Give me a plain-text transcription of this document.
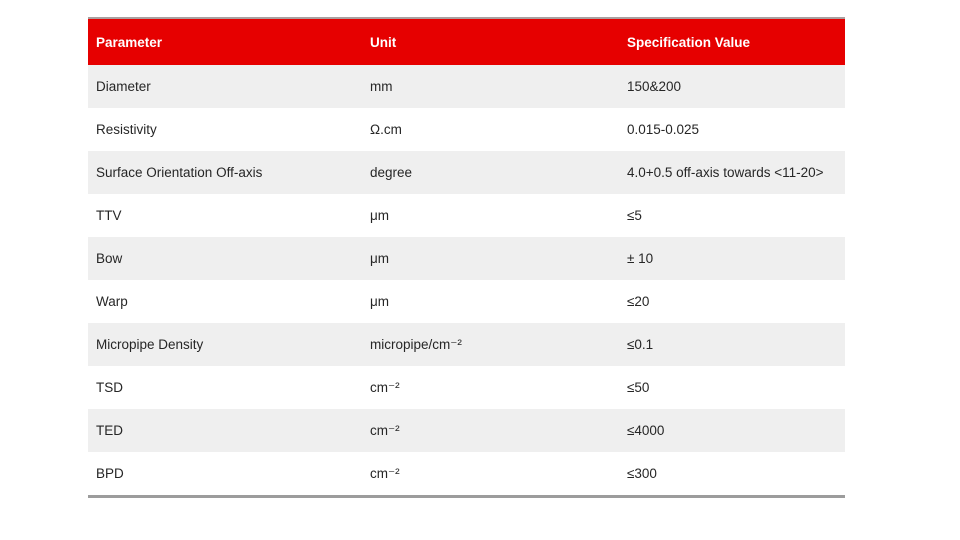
Parameter	Unit	Specification Value
Diameter	mm	150&200
Resistivity	Ω.cm	0.015-0.025
Surface Orientation Off-axis	degree	4.0+0.5 off-axis towards <11-20>
TTV	μm	≤5
Bow	μm	± 10
Warp	μm	≤20
Micropipe Density	micropipe/cm⁻²	≤0.1
TSD	cm⁻²	≤50
TED	cm⁻²	≤4000
BPD	cm⁻²	≤300
